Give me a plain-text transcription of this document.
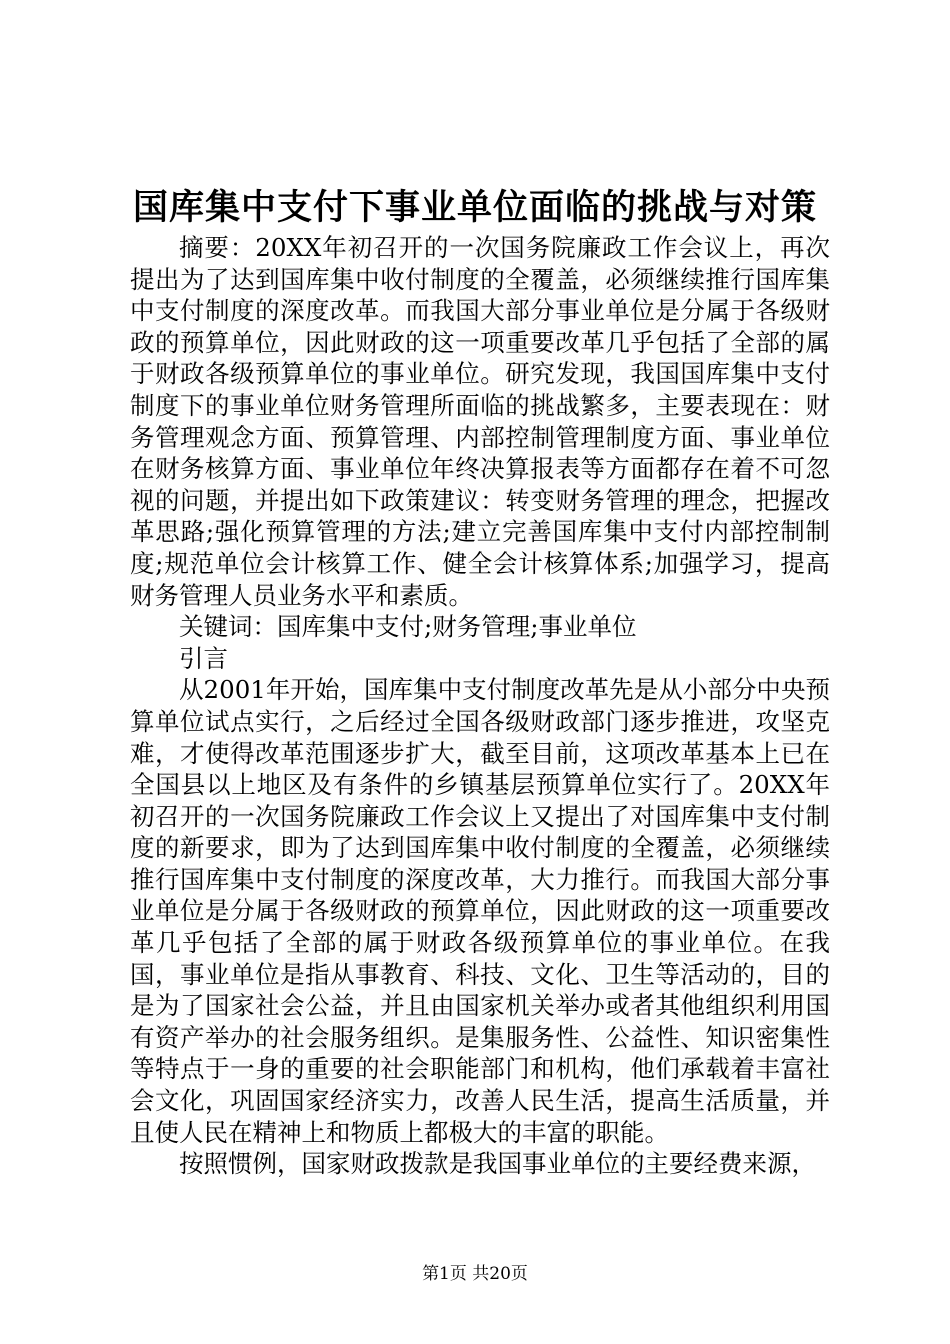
国库集中支付下事业单位面临的挑战与对策

摘要：20XX年初召开的一次国务院廉政工作会议上，再次提出为了达到国库集中收付制度的全覆盖，必须继续推行国库集中支付制度的深度改革。而我国大部分事业单位是分属于各级财政的预算单位，因此财政的这一项重要改革几乎包括了全部的属于财政各级预算单位的事业单位。研究发现，我国国库集中支付制度下的事业单位财务管理所面临的挑战繁多，主要表现在：财务管理观念方面、预算管理、内部控制管理制度方面、事业单位在财务核算方面、事业单位年终决算报表等方面都存在着不可忽视的问题，并提出如下政策建议：转变财务管理的理念，把握改革思路;强化预算管理的方法;建立完善国库集中支付内部控制制度;规范单位会计核算工作、健全会计核算体系;加强学习，提高财务管理人员业务水平和素质。

关键词：国库集中支付;财务管理;事业单位

引言

从2001年开始，国库集中支付制度改革先是从小部分中央预算单位试点实行，之后经过全国各级财政部门逐步推进，攻坚克难，才使得改革范围逐步扩大，截至目前，这项改革基本上已在全国县以上地区及有条件的乡镇基层预算单位实行了。20XX年初召开的一次国务院廉政工作会议上又提出了对国库集中支付制度的新要求，即为了达到国库集中收付制度的全覆盖，必须继续推行国库集中支付制度的深度改革，大力推行。而我国大部分事业单位是分属于各级财政的预算单位，因此财政的这一项重要改革几乎包括了全部的属于财政各级预算单位的事业单位。在我国，事业单位是指从事教育、科技、文化、卫生等活动的，目的是为了国家社会公益，并且由国家机关举办或者其他组织利用国有资产举办的社会服务组织。是集服务性、公益性、知识密集性等特点于一身的重要的社会职能部门和机构，他们承载着丰富社会文化，巩固国家经济实力，改善人民生活，提高生活质量，并且使人民在精神上和物质上都极大的丰富的职能。

按照惯例，国家财政拨款是我国事业单位的主要经费来源，

第1页 共20页
